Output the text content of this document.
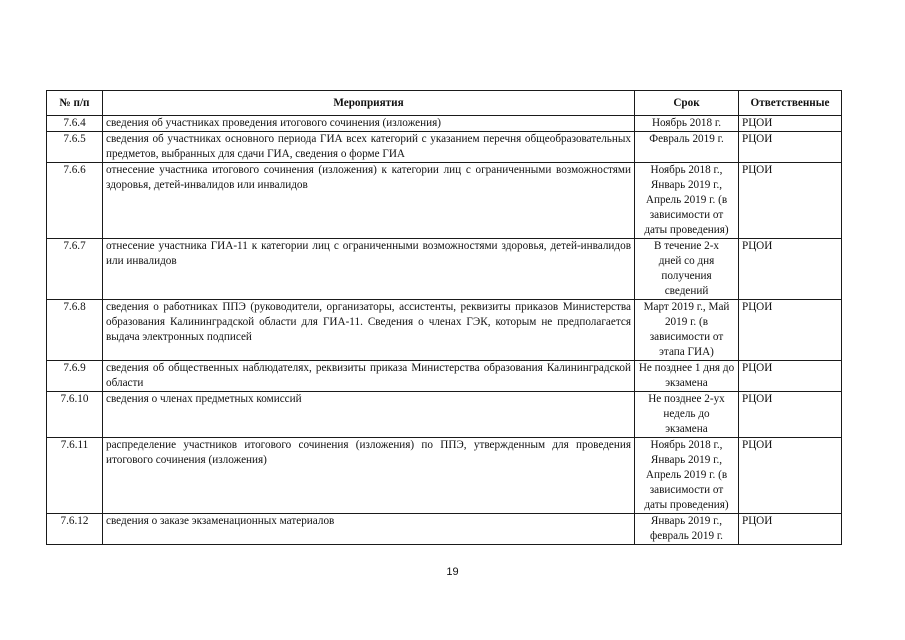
№ п/п	Мероприятия	Срок	Ответственные
7.6.4	сведения об участниках проведения итогового сочинения (изложения)	Ноябрь 2018 г.	РЦОИ
7.6.5	сведения об участниках основного периода ГИА всех категорий с указанием перечня общеобразовательных предметов, выбранных для сдачи ГИА, сведения о форме ГИА	Февраль 2019 г.	РЦОИ
7.6.6	отнесение участника итогового сочинения (изложения) к категории лиц с ограниченными возможностями здоровья, детей-инвалидов или инвалидов	Ноябрь 2018 г., Январь 2019 г., Апрель 2019 г. (в зависимости от даты проведения)	РЦОИ
7.6.7	отнесение участника ГИА-11 к категории лиц с ограниченными возможностями здоровья, детей-инвалидов или инвалидов	В течение 2-х дней со дня получения сведений	РЦОИ
7.6.8	сведения о работниках ППЭ (руководители, организаторы, ассистенты, реквизиты приказов Министерства образования Калининградской области для ГИА-11. Сведения о членах ГЭК, которым не предполагается выдача электронных подписей	Март 2019 г., Май 2019 г. (в зависимости от этапа ГИА)	РЦОИ
7.6.9	сведения об общественных наблюдателях, реквизиты приказа Министерства образования Калининградской области	Не позднее 1 дня до экзамена	РЦОИ
7.6.10	сведения о членах предметных комиссий	Не позднее 2-ух недель до экзамена	РЦОИ
7.6.11	распределение участников итогового сочинения (изложения) по ППЭ, утвержденным для проведения итогового сочинения (изложения)	Ноябрь 2018 г., Январь 2019 г., Апрель 2019 г. (в зависимости от даты проведения)	РЦОИ
7.6.12	сведения о заказе экзаменационных материалов	Январь 2019 г., февраль 2019 г.	РЦОИ
19
